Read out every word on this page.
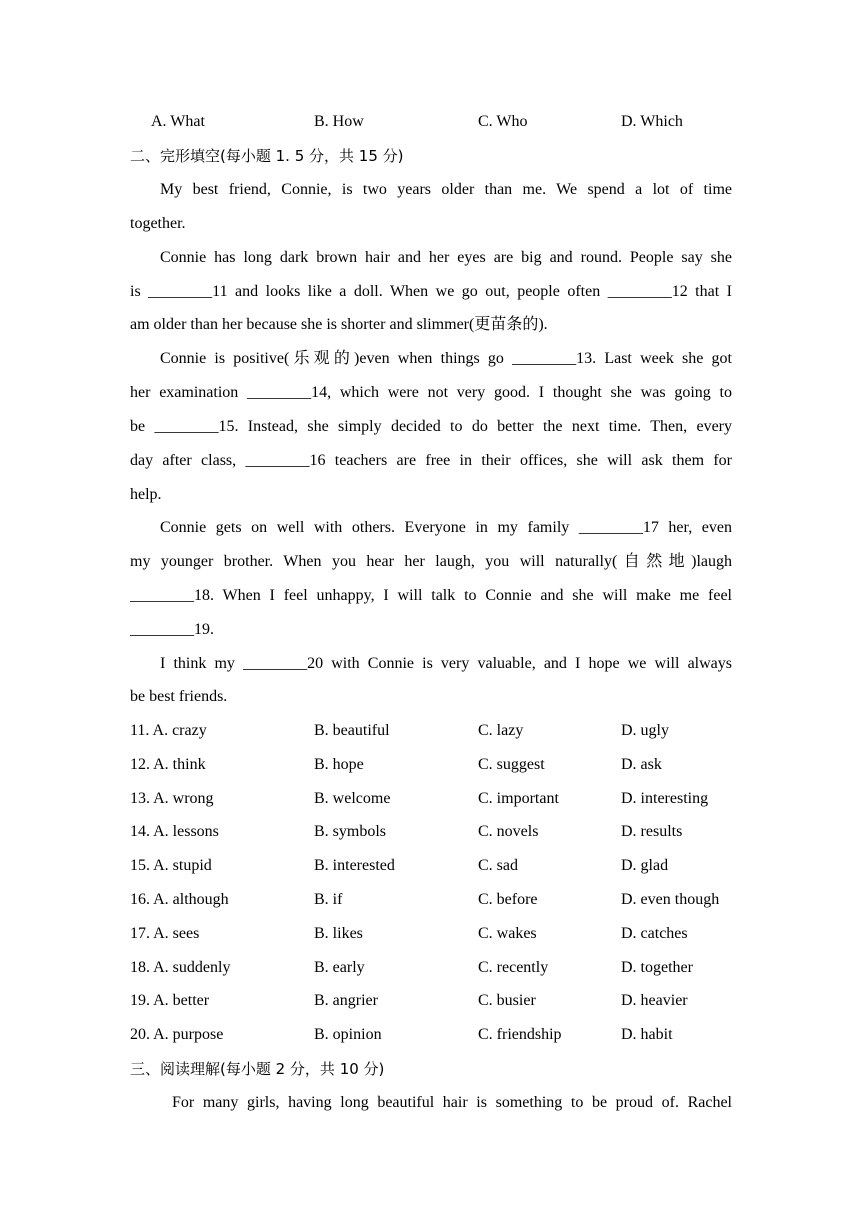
A. What	B. How	C. Who	D. Which
二、完形填空(每小题 1. 5 分，共 15 分)
My best friend, Connie, is two years older than me. We spend a lot of time
together.
Connie has long dark brown hair and her eyes are big and round. People say she
is ________11 and looks like a doll. When we go out, people often ________12 that I
am older than her because she is shorter and slimmer(更苗条的).
Connie is positive(乐观的)even when things go ________13. Last week she got
her examination ________14, which were not very good. I thought she was going to
be ________15. Instead, she simply decided to do better the next time. Then, every
day after class, ________16 teachers are free in their offices, she will ask them for
help.
Connie gets on well with others. Everyone in my family ________17 her, even
my younger brother. When you hear her laugh, you will naturally(自然地)laugh
________18. When I feel unhappy, I will talk to Connie and she will make me feel
________19.
I think my ________20 with Connie is very valuable, and I hope we will always
be best friends.
11. A. crazy	B. beautiful	C. lazy	D. ugly
12. A. think	B. hope	C. suggest	D. ask
13. A. wrong	B. welcome	C. important	D. interesting
14. A. lessons	B. symbols	C. novels	D. results
15. A. stupid	B. interested	C. sad	D. glad
16. A. although	B. if	C. before	D. even though
17. A. sees	B. likes	C. wakes	D. catches
18. A. suddenly	B. early	C. recently	D. together
19. A. better	B. angrier	C. busier	D. heavier
20. A. purpose	B. opinion	C. friendship	D. habit
三、阅读理解(每小题 2 分，共 10 分)
For many girls, having long beautiful hair is something to be proud of. Rachel
